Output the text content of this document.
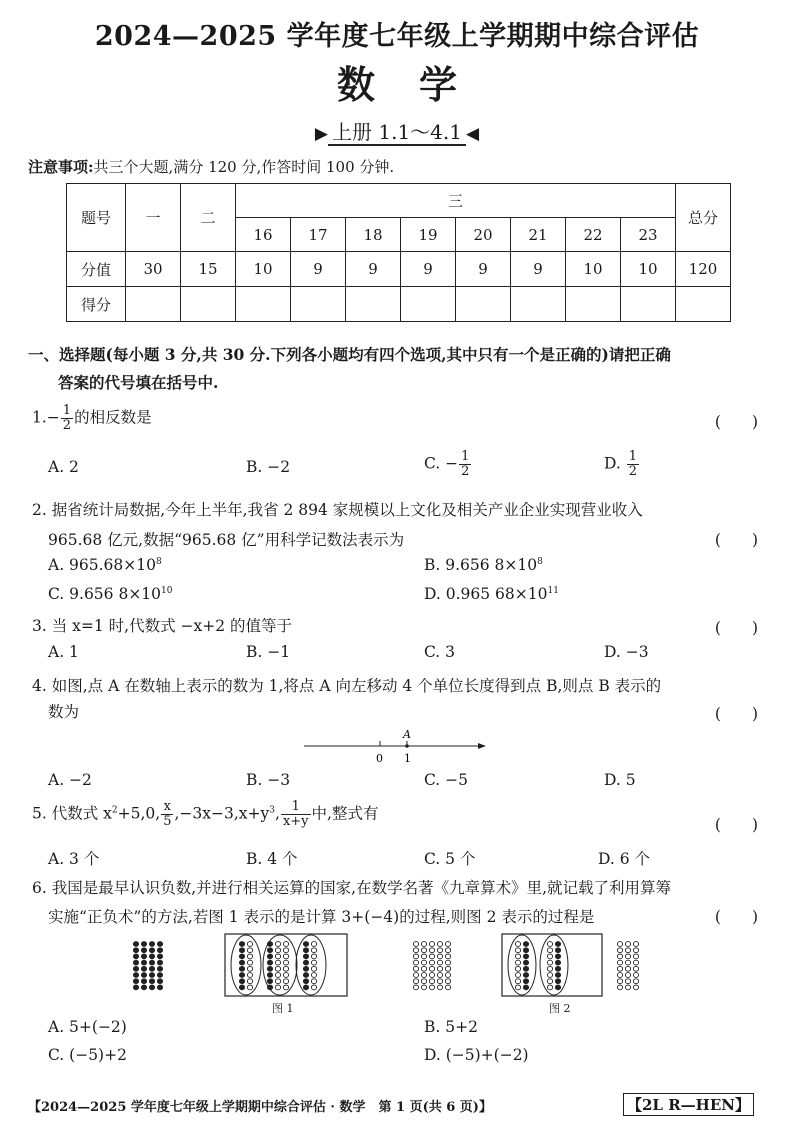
2024—2025 学年度七年级上学期期中综合评估
数学
▶ 上册 1.1～4.1 ◀
注意事项:共三个大题,满分 120 分,作答时间 100 分钟.
题号	一	二	三								总分
			16	17	18	19	20	21	22	23	
分值	30	15	10	9	9	9	9	9	10	10	120
得分											
一、选择题(每小题 3 分,共 30 分.下列各小题均有四个选项,其中只有一个是正确的)请把正确
答案的代号填在括号中.
$1.- \frac{1}{2}$ 的相反数是	(　　)
A. 2	B. −2	C. − $\frac{1}{2}$	D. $\frac{1}{2}$
2. 据省统计局数据,今年上半年,我省 2 894 家规模以上文化及相关产业企业实现营业收入
965.68 亿元,数据“965.68 亿”用科学记数法表示为	(　　)
A. $965.68\times 10^8$	B. 9.656 $8\times 10^8$
C. 9.656 $8\times 10^{10}$	D. 0.965 $68\times 10^{11}$
3. 当 x=1 时,代数式 −x+2 的值等于	(　　)
A. 1	B. −1	C. 3	D. −3
4. 如图,点 A 在数轴上表示的数为 1,将点 A 向左移动 4 个单位长度得到点 B,则点 B 表示的
数为	(　　)
0 1
A
A. −2	B. −3	C. −5	D. 5
5. 代数式 $x^2+5,0$, $\frac{x}{5} ,-3x-3,x+y^3$, $\frac{1}{x+y}$ 中,整式有
(　　)
A. 3 个	B. 4 个	C. 5 个	D. 6 个
6. 我国是最早认识负数,并进行相关运算的国家,在数学名著《九章算术》里,就记载了利用算筹
实施“正负术”的方法,若图 1 表示的是计算 3+(−4)的过程,则图 2 表示的过程是	(　　)
图 1	图 2
A. 5+(−2)	B. 5+2
C. (−5)+2	D. (−5)+(−2)
【2024—2025 学年度七年级上学期期中综合评估 · 数学　第 1 页(共 6 页)】	【2L R—HEN】
